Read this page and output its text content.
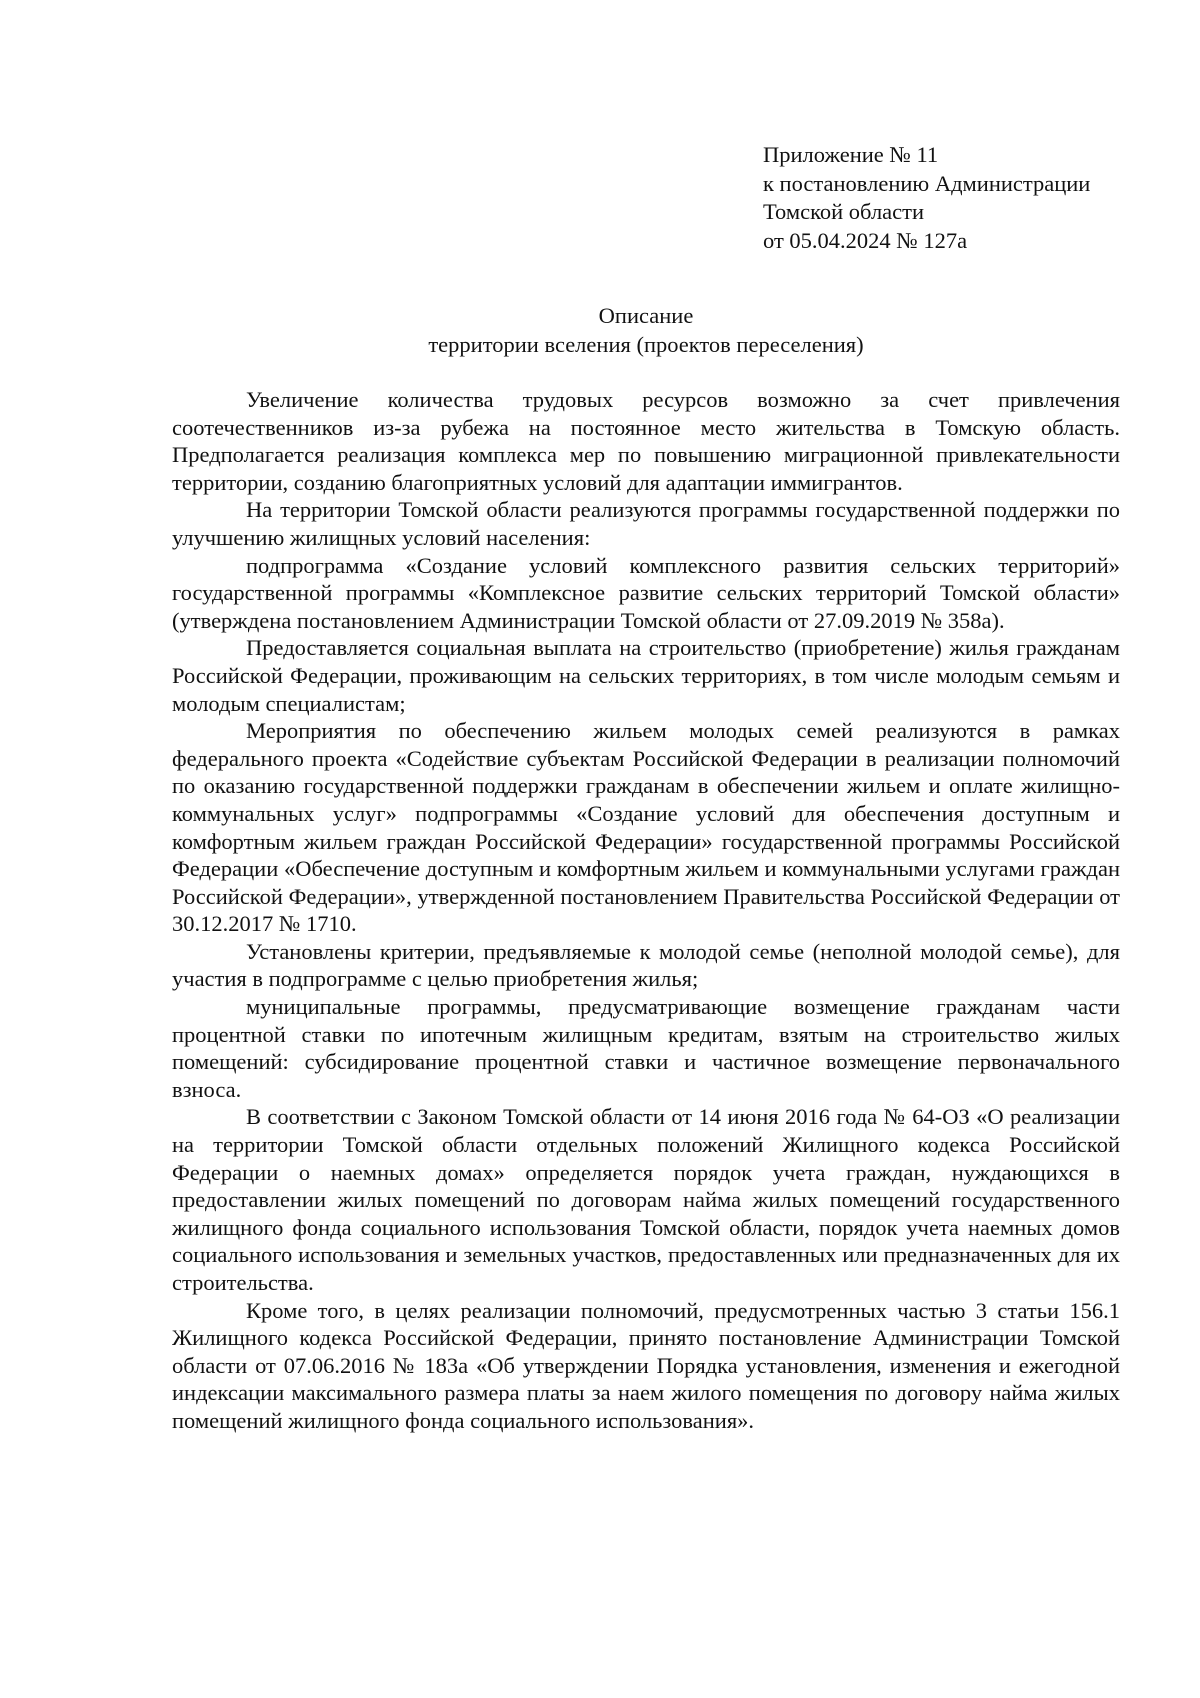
Приложение № 11
к постановлению Администрации
Томской области
от 05.04.2024 № 127а
Описание
территории вселения (проектов переселения)

Увеличение количества трудовых ресурсов возможно за счет привлечения соотечественников из-за рубежа на постоянное место жительства в Томскую область. Предполагается реализация комплекса мер по повышению миграционной привлекательности территории, созданию благоприятных условий для адаптации иммигрантов.

На территории Томской области реализуются программы государственной поддержки по улучшению жилищных условий населения:

подпрограмма «Создание условий комплексного развития сельских территорий» государственной программы «Комплексное развитие сельских территорий Томской области» (утверждена постановлением Администрации Томской области от 27.09.2019 № 358а).

Предоставляется социальная выплата на строительство (приобретение) жилья гражданам Российской Федерации, проживающим на сельских территориях, в том числе молодым семьям и молодым специалистам;

Мероприятия по обеспечению жильем молодых семей реализуются в рамках федерального проекта «Содействие субъектам Российской Федерации в реализации полномочий по оказанию государственной поддержки гражданам в обеспечении жильем и оплате жилищно-коммунальных услуг» подпрограммы «Создание условий для обеспечения доступным и комфортным жильем граждан Российской Федерации» государственной программы Российской Федерации «Обеспечение доступным и комфортным жильем и коммунальными услугами граждан Российской Федерации», утвержденной постановлением Правительства Российской Федерации от 30.12.2017 № 1710.

Установлены критерии, предъявляемые к молодой семье (неполной молодой семье), для участия в подпрограмме с целью приобретения жилья;

муниципальные программы, предусматривающие возмещение гражданам части процентной ставки по ипотечным жилищным кредитам, взятым на строительство жилых помещений: субсидирование процентной ставки и частичное возмещение первоначального взноса.

В соответствии с Законом Томской области от 14 июня 2016 года № 64-ОЗ «О реализации на территории Томской области отдельных положений Жилищного кодекса Российской Федерации о наемных домах» определяется порядок учета граждан, нуждающихся в предоставлении жилых помещений по договорам найма жилых помещений государственного жилищного фонда социального использования Томской области, порядок учета наемных домов социального использования и земельных участков, предоставленных или предназначенных для их строительства.

Кроме того, в целях реализации полномочий, предусмотренных частью 3 статьи 156.1 Жилищного кодекса Российской Федерации, принято постановление Администрации Томской области от 07.06.2016 № 183а «Об утверждении Порядка установления, изменения и ежегодной индексации максимального размера платы за наем жилого помещения по договору найма жилых помещений жилищного фонда социального использования».
